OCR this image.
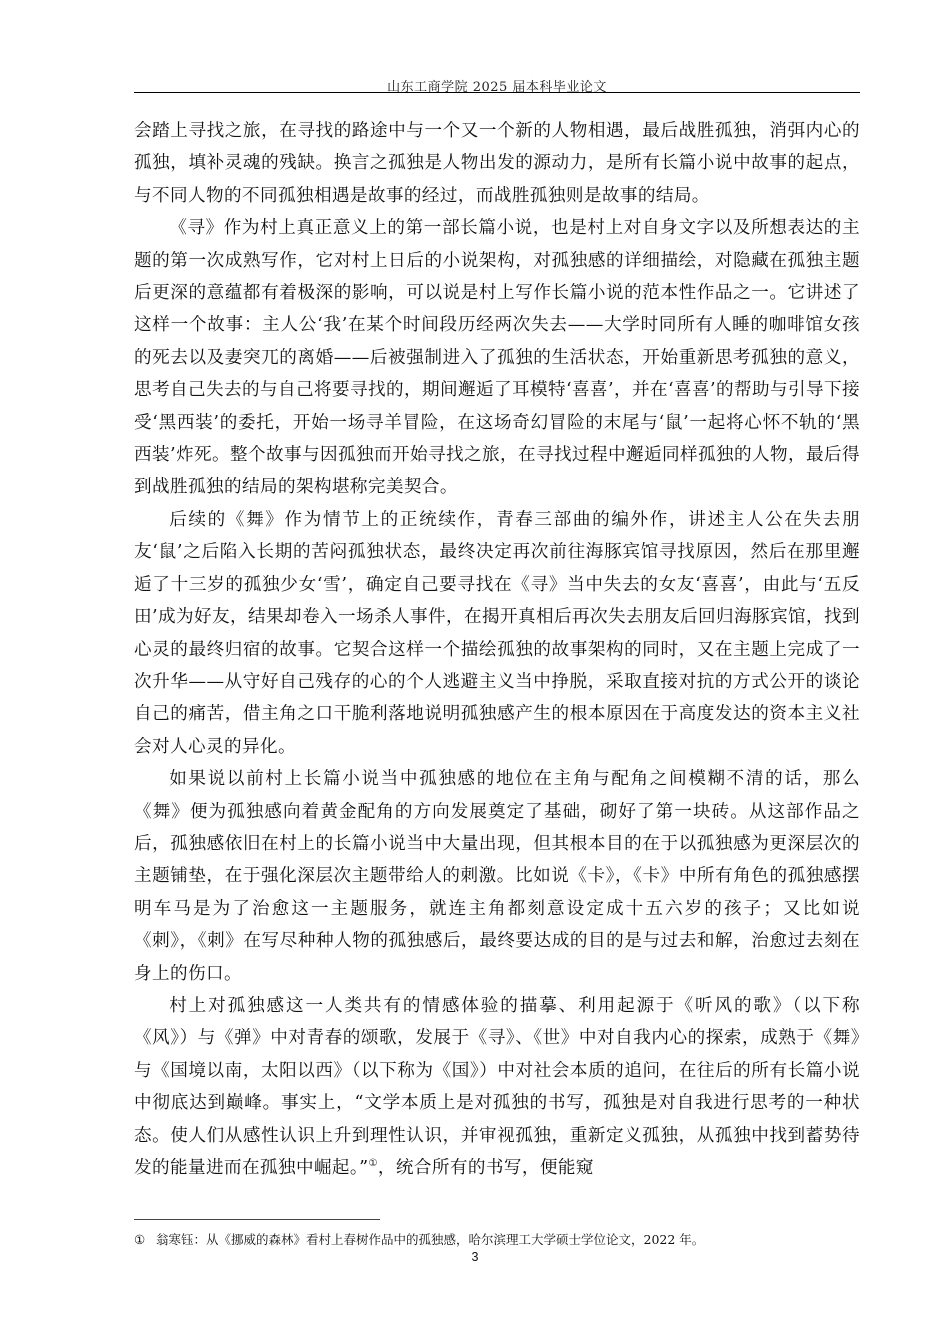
山东工商学院 2025 届本科毕业论文

会踏上寻找之旅，在寻找的路途中与一个又一个新的人物相遇，最后战胜孤独，消弭内心的孤独，填补灵魂的残缺。换言之孤独是人物出发的源动力，是所有长篇小说中故事的起点，与不同人物的不同孤独相遇是故事的经过，而战胜孤独则是故事的结局。

《寻》作为村上真正意义上的第一部长篇小说，也是村上对自身文字以及所想表达的主题的第一次成熟写作，它对村上日后的小说架构，对孤独感的详细描绘，对隐藏在孤独主题后更深的意蕴都有着极深的影响，可以说是村上写作长篇小说的范本性作品之一。它讲述了这样一个故事：主人公‘我’在某个时间段历经两次失去——大学时同所有人睡的咖啡馆女孩的死去以及妻突兀的离婚——后被强制进入了孤独的生活状态，开始重新思考孤独的意义，思考自己失去的与自己将要寻找的，期间邂逅了耳模特‘喜喜’，并在‘喜喜’的帮助与引导下接受‘黑西装’的委托，开始一场寻羊冒险，在这场奇幻冒险的末尾与‘鼠’一起将心怀不轨的‘黑西装’炸死。整个故事与因孤独而开始寻找之旅，在寻找过程中邂逅同样孤独的人物，最后得到战胜孤独的结局的架构堪称完美契合。

后续的《舞》作为情节上的正统续作，青春三部曲的编外作，讲述主人公在失去朋友‘鼠’之后陷入长期的苦闷孤独状态，最终决定再次前往海豚宾馆寻找原因，然后在那里邂逅了十三岁的孤独少女‘雪’，确定自己要寻找在《寻》当中失去的女友‘喜喜’，由此与‘五反田’成为好友，结果却卷入一场杀人事件，在揭开真相后再次失去朋友后回归海豚宾馆，找到心灵的最终归宿的故事。它契合这样一个描绘孤独的故事架构的同时，又在主题上完成了一次升华——从守好自己残存的心的个人逃避主义当中挣脱，采取直接对抗的方式公开的谈论自己的痛苦，借主角之口干脆利落地说明孤独感产生的根本原因在于高度发达的资本主义社会对人心灵的异化。

如果说以前村上长篇小说当中孤独感的地位在主角与配角之间模糊不清的话，那么《舞》便为孤独感向着黄金配角的方向发展奠定了基础，砌好了第一块砖。从这部作品之后，孤独感依旧在村上的长篇小说当中大量出现，但其根本目的在于以孤独感为更深层次的主题铺垫，在于强化深层次主题带给人的刺激。比如说《卡》，《卡》中所有角色的孤独感摆明车马是为了治愈这一主题服务，就连主角都刻意设定成十五六岁的孩子；又比如说《刺》，《刺》在写尽种种人物的孤独感后，最终要达成的目的是与过去和解，治愈过去刻在身上的伤口。

村上对孤独感这一人类共有的情感体验的描摹、利用起源于《听风的歌》（以下称《风》）与《弹》中对青春的颂歌，发展于《寻》、《世》中对自我内心的探索，成熟于《舞》与《国境以南，太阳以西》（以下称为《国》）中对社会本质的追问，在往后的所有长篇小说中彻底达到巅峰。事实上，“文学本质上是对孤独的书写，孤独是对自我进行思考的一种状态。使人们从感性认识上升到理性认识，并审视孤独，重新定义孤独，从孤独中找到蓄势待发的能量进而在孤独中崛起。”①，统合所有的书写，便能窥

① 翁寒钰：从《挪威的森林》看村上春树作品中的孤独感，哈尔滨理工大学硕士学位论文，2022 年。
3
